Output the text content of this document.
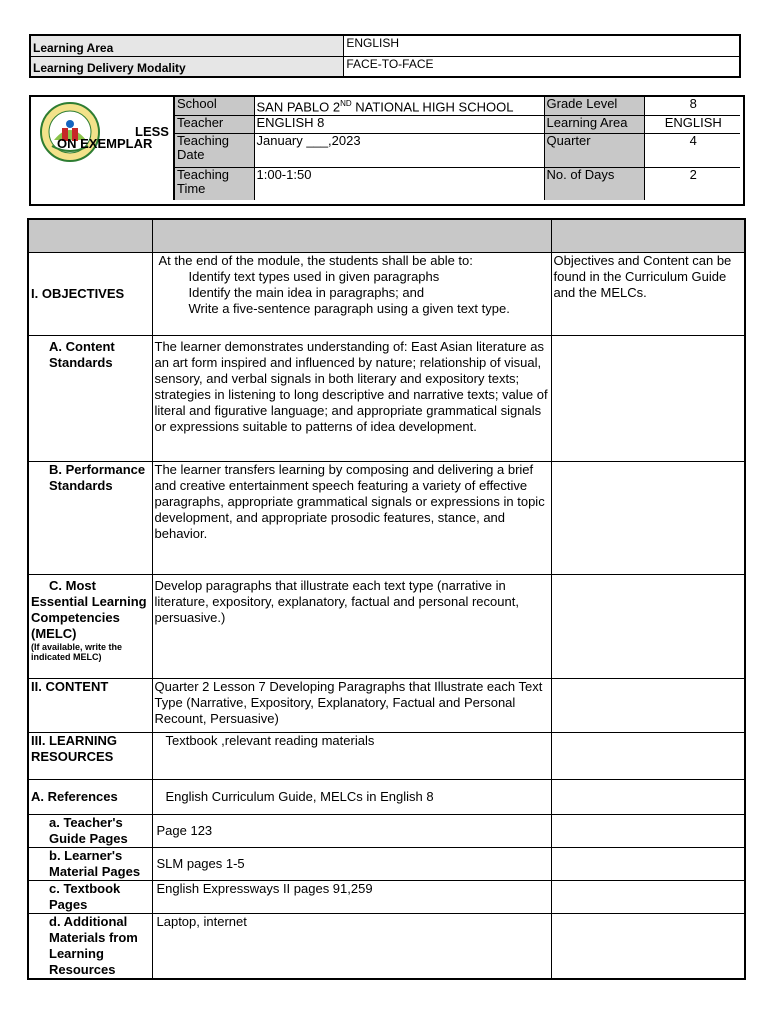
Learning Area	ENGLISH
Learning Delivery Modality	FACE-TO-FACE
LESS
ON EXEMPLAR
School	SAN PABLO 2ND NATIONAL HIGH SCHOOL	Grade Level	8
Teacher	ENGLISH 8	Learning Area	ENGLISH
Teaching Date	January ___,2023	Quarter	4
Teaching Time	1:00-1:50	No. of Days	2

I. OBJECTIVES	At the end of the module, the students shall be able to:
Identify text types used in given paragraphs
Identify the main idea in paragraphs; and
Write a five-sentence paragraph using a given text type.	Objectives and Content can be found in the Curriculum Guide and the MELCs.

A. Content Standards	The learner demonstrates understanding of: East Asian literature as an art form inspired and influenced by nature; relationship of visual, sensory, and verbal signals in both literary and expository texts; strategies in listening to long descriptive and narrative texts; value of literal and figurative language; and appropriate grammatical signals or expressions suitable to patterns of idea development.	

B. Performance Standards	The learner transfers learning by composing and delivering a brief and creative entertainment speech featuring a variety of effective paragraphs, appropriate grammatical signals or expressions in topic development, and appropriate prosodic features, stance, and behavior.	

C. Most Essential Learning Competencies (MELC)
(If available, write the indicated MELC)	Develop paragraphs that illustrate each text type (narrative in literature, expository, explanatory, factual and personal recount, persuasive.)	

II. CONTENT	Quarter 2 Lesson 7 Developing Paragraphs that Illustrate each Text Type (Narrative, Expository, Explanatory, Factual and Personal Recount, Persuasive)	
III. LEARNING RESOURCES	Textbook ,relevant reading materials	
A. References	English Curriculum Guide, MELCs in English 8	
a. Teacher's Guide Pages	Page 123	
b. Learner's Material Pages	SLM pages 1-5	
c. Textbook Pages	English Expressways II pages 91,259	
d. Additional Materials from Learning Resources	Laptop, internet	
